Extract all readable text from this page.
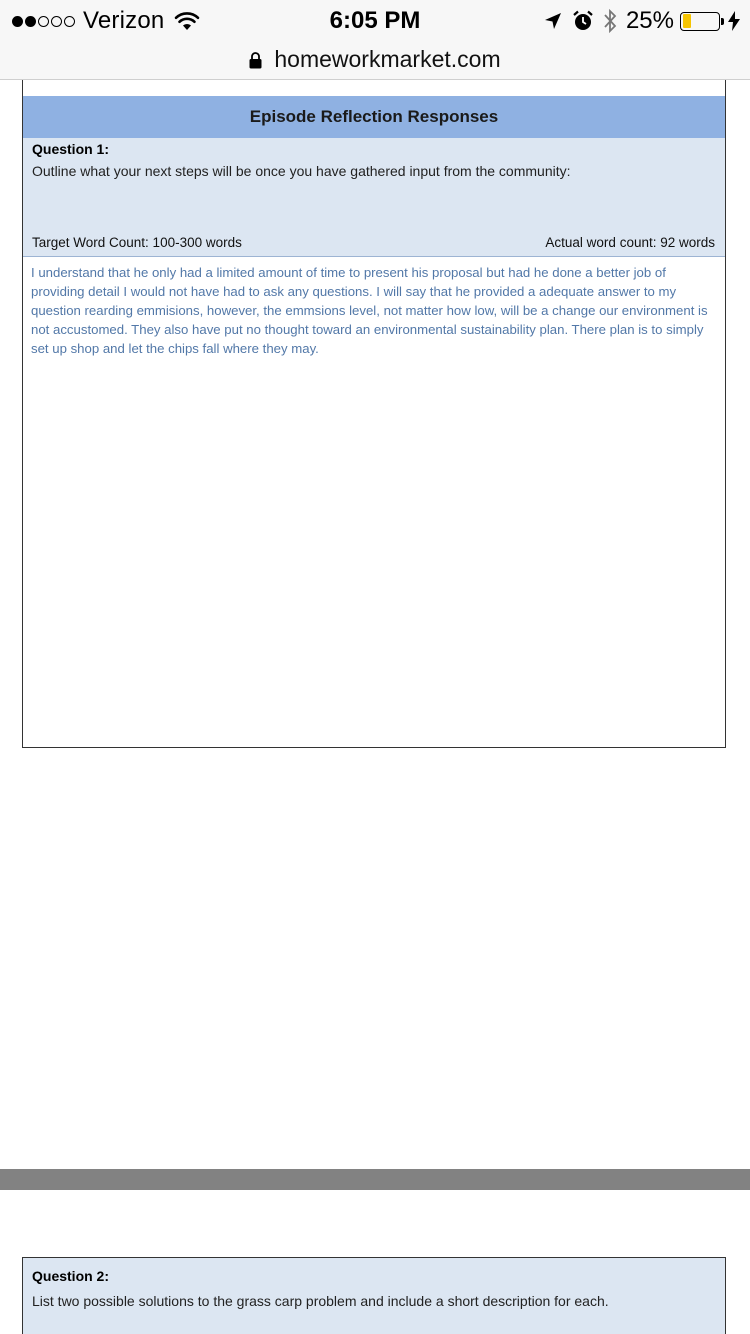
Verizon	6:05 PM	25%
homeworkmarket.com
Episode Reflection Responses
Question 1:
Outline what your next steps will be once you have gathered input from the community:
Target Word Count: 100-300 words	Actual word count: 92 words
I understand that he only had a limited amount of time to present his proposal but had he done a better job of providing detail I would not have had to ask any questions. I will say that he provided a adequate answer to my question rearding emmisions, however, the emmsions level, not matter how low, will be a change our environment is not accustomed. They also have put no thought toward an environmental sustainability plan. There plan is to simply set up shop and let the chips fall where they may.
Question 2:
List two possible solutions to the grass carp problem and include a short description for each.
